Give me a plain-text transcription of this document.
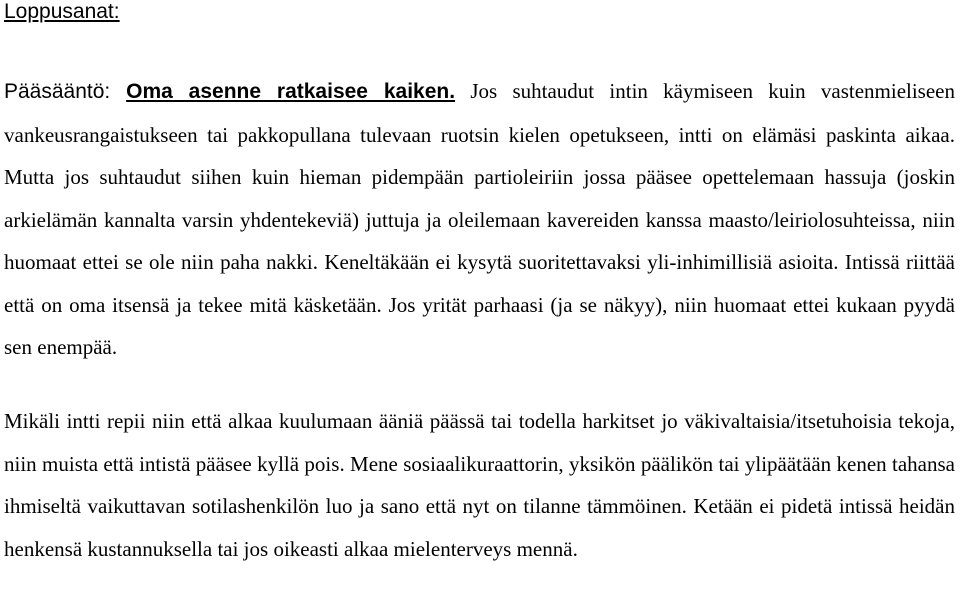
Loppusanat:

Pääsääntö: Oma asenne ratkaisee kaiken. Jos suhtaudut intin käymiseen kuin vastenmieliseen vankeusrangaistukseen tai pakkopullana tulevaan ruotsin kielen opetukseen, intti on elämäsi paskinta aikaa. Mutta jos suhtaudut siihen kuin hieman pidempään partioleiriin jossa pääsee opettelemaan hassuja (joskin arkielämän kannalta varsin yhdentekeviä) juttuja ja oleilemaan kavereiden kanssa maasto/leiriolosuhteissa, niin huomaat ettei se ole niin paha nakki. Keneltäkään ei kysytä suoritettavaksi yli-inhimillisiä asioita. Intissä riittää että on oma itsensä ja tekee mitä käsketään. Jos yrität parhaasi (ja se näkyy), niin huomaat ettei kukaan pyydä sen enempää.

Mikäli intti repii niin että alkaa kuulumaan ääniä päässä tai todella harkitset jo väkivaltaisia/itsetuhoisia tekoja, niin muista että intistä pääsee kyllä pois. Mene sosiaalikuraattorin, yksikön päälikön tai ylipäätään kenen tahansa ihmiseltä vaikuttavan sotilashenkilön luo ja sano että nyt on tilanne tämmöinen. Ketään ei pidetä intissä heidän henkensä kustannuksella tai jos oikeasti alkaa mielenterveys mennä.
